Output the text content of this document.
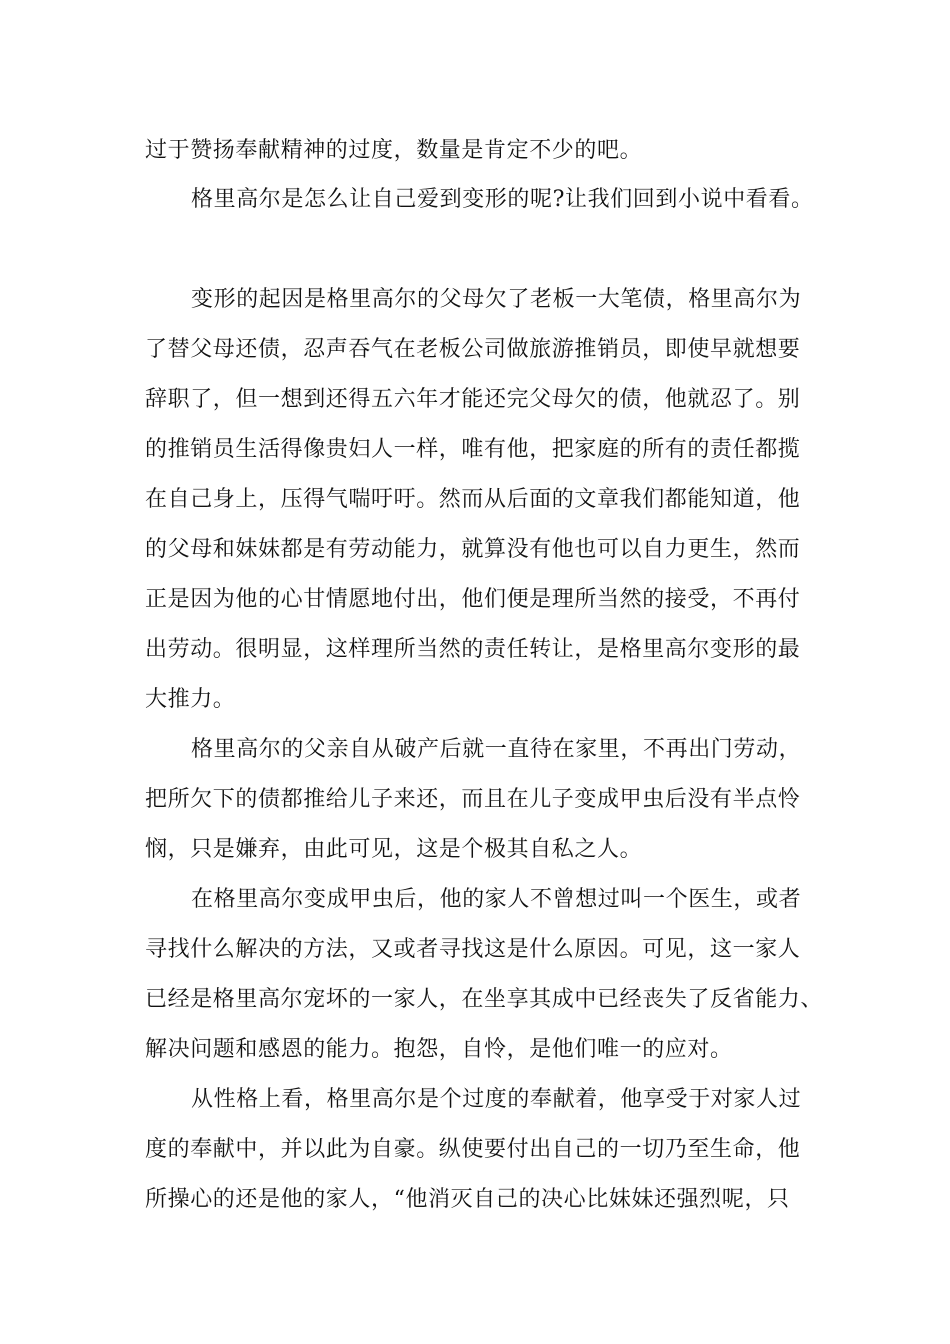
过于赞扬奉献精神的过度，数量是肯定不少的吧。

格里高尔是怎么让自己爱到变形的呢?让我们回到小说中看看。

变形的起因是格里高尔的父母欠了老板一大笔债，格里高尔为

了替父母还债，忍声吞气在老板公司做旅游推销员，即使早就想要

辞职了，但一想到还得五六年才能还完父母欠的债，他就忍了。别

的推销员生活得像贵妇人一样，唯有他，把家庭的所有的责任都揽

在自己身上，压得气喘吁吁。然而从后面的文章我们都能知道，他

的父母和妹妹都是有劳动能力，就算没有他也可以自力更生，然而

正是因为他的心甘情愿地付出，他们便是理所当然的接受，不再付

出劳动。很明显，这样理所当然的责任转让，是格里高尔变形的最

大推力。

格里高尔的父亲自从破产后就一直待在家里，不再出门劳动，

把所欠下的债都推给儿子来还，而且在儿子变成甲虫后没有半点怜

悯，只是嫌弃，由此可见，这是个极其自私之人。

在格里高尔变成甲虫后，他的家人不曾想过叫一个医生，或者

寻找什么解决的方法，又或者寻找这是什么原因。可见，这一家人

已经是格里高尔宠坏的一家人，在坐享其成中已经丧失了反省能力、

解决问题和感恩的能力。抱怨，自怜，是他们唯一的应对。

从性格上看，格里高尔是个过度的奉献着，他享受于对家人过

度的奉献中，并以此为自豪。纵使要付出自己的一切乃至生命，他

所操心的还是他的家人，“他消灭自己的决心比妹妹还强烈呢，只
